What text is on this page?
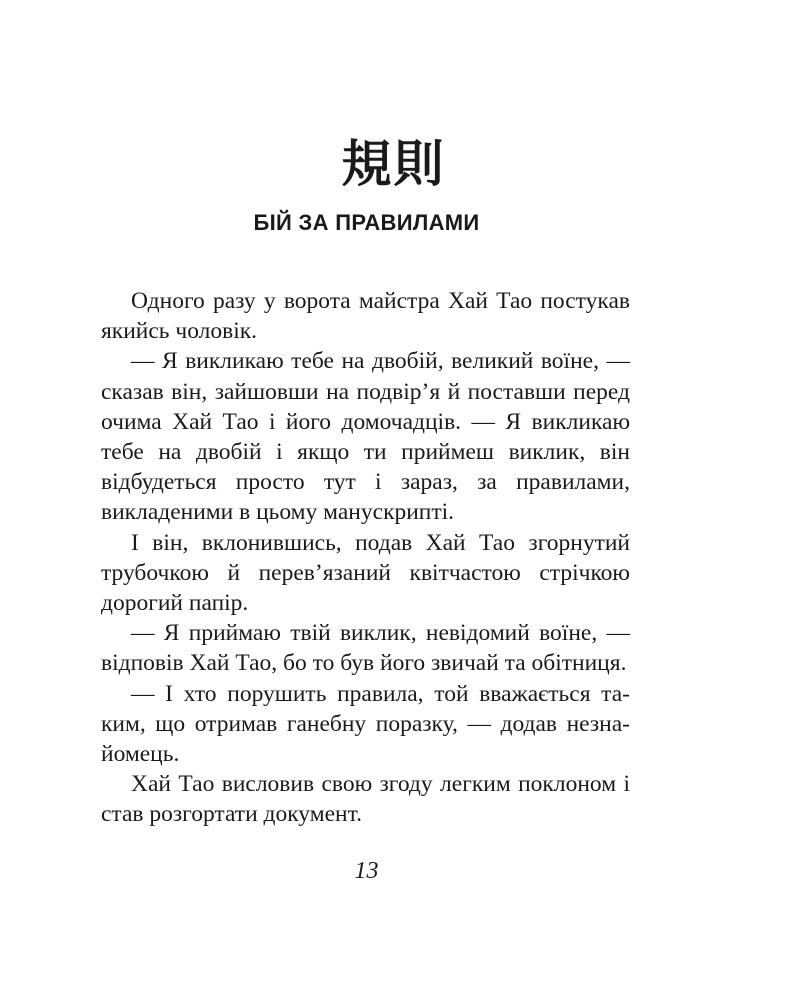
規則
БІЙ ЗА ПРАВИЛАМИ

Одного разу у ворота майстра Хай Тао постукав якийсь чоловік.

— Я викликаю тебе на двобій, великий воїне, — сказав він, зайшовши на подвір’я й поставши перед очима Хай Тао і його домочадців. — Я викликаю тебе на двобій і якщо ти приймеш виклик, він відбудеться просто тут і зараз, за правилами, викладеними в цьому манускрипті.

І він, вклонившись, подав Хай Тао згорнутий трубочкою й перев’язаний квітчастою стрічкою дорогий папір.

— Я приймаю твій виклик, невідомий воїне, — відповів Хай Тао, бо то був його звичай та обітниця.

— І хто порушить правила, той вважається таким, що отримав ганебну поразку, — додав незнайомець.

Хай Тао висловив свою згоду легким поклоном і став розгортати документ.

13
